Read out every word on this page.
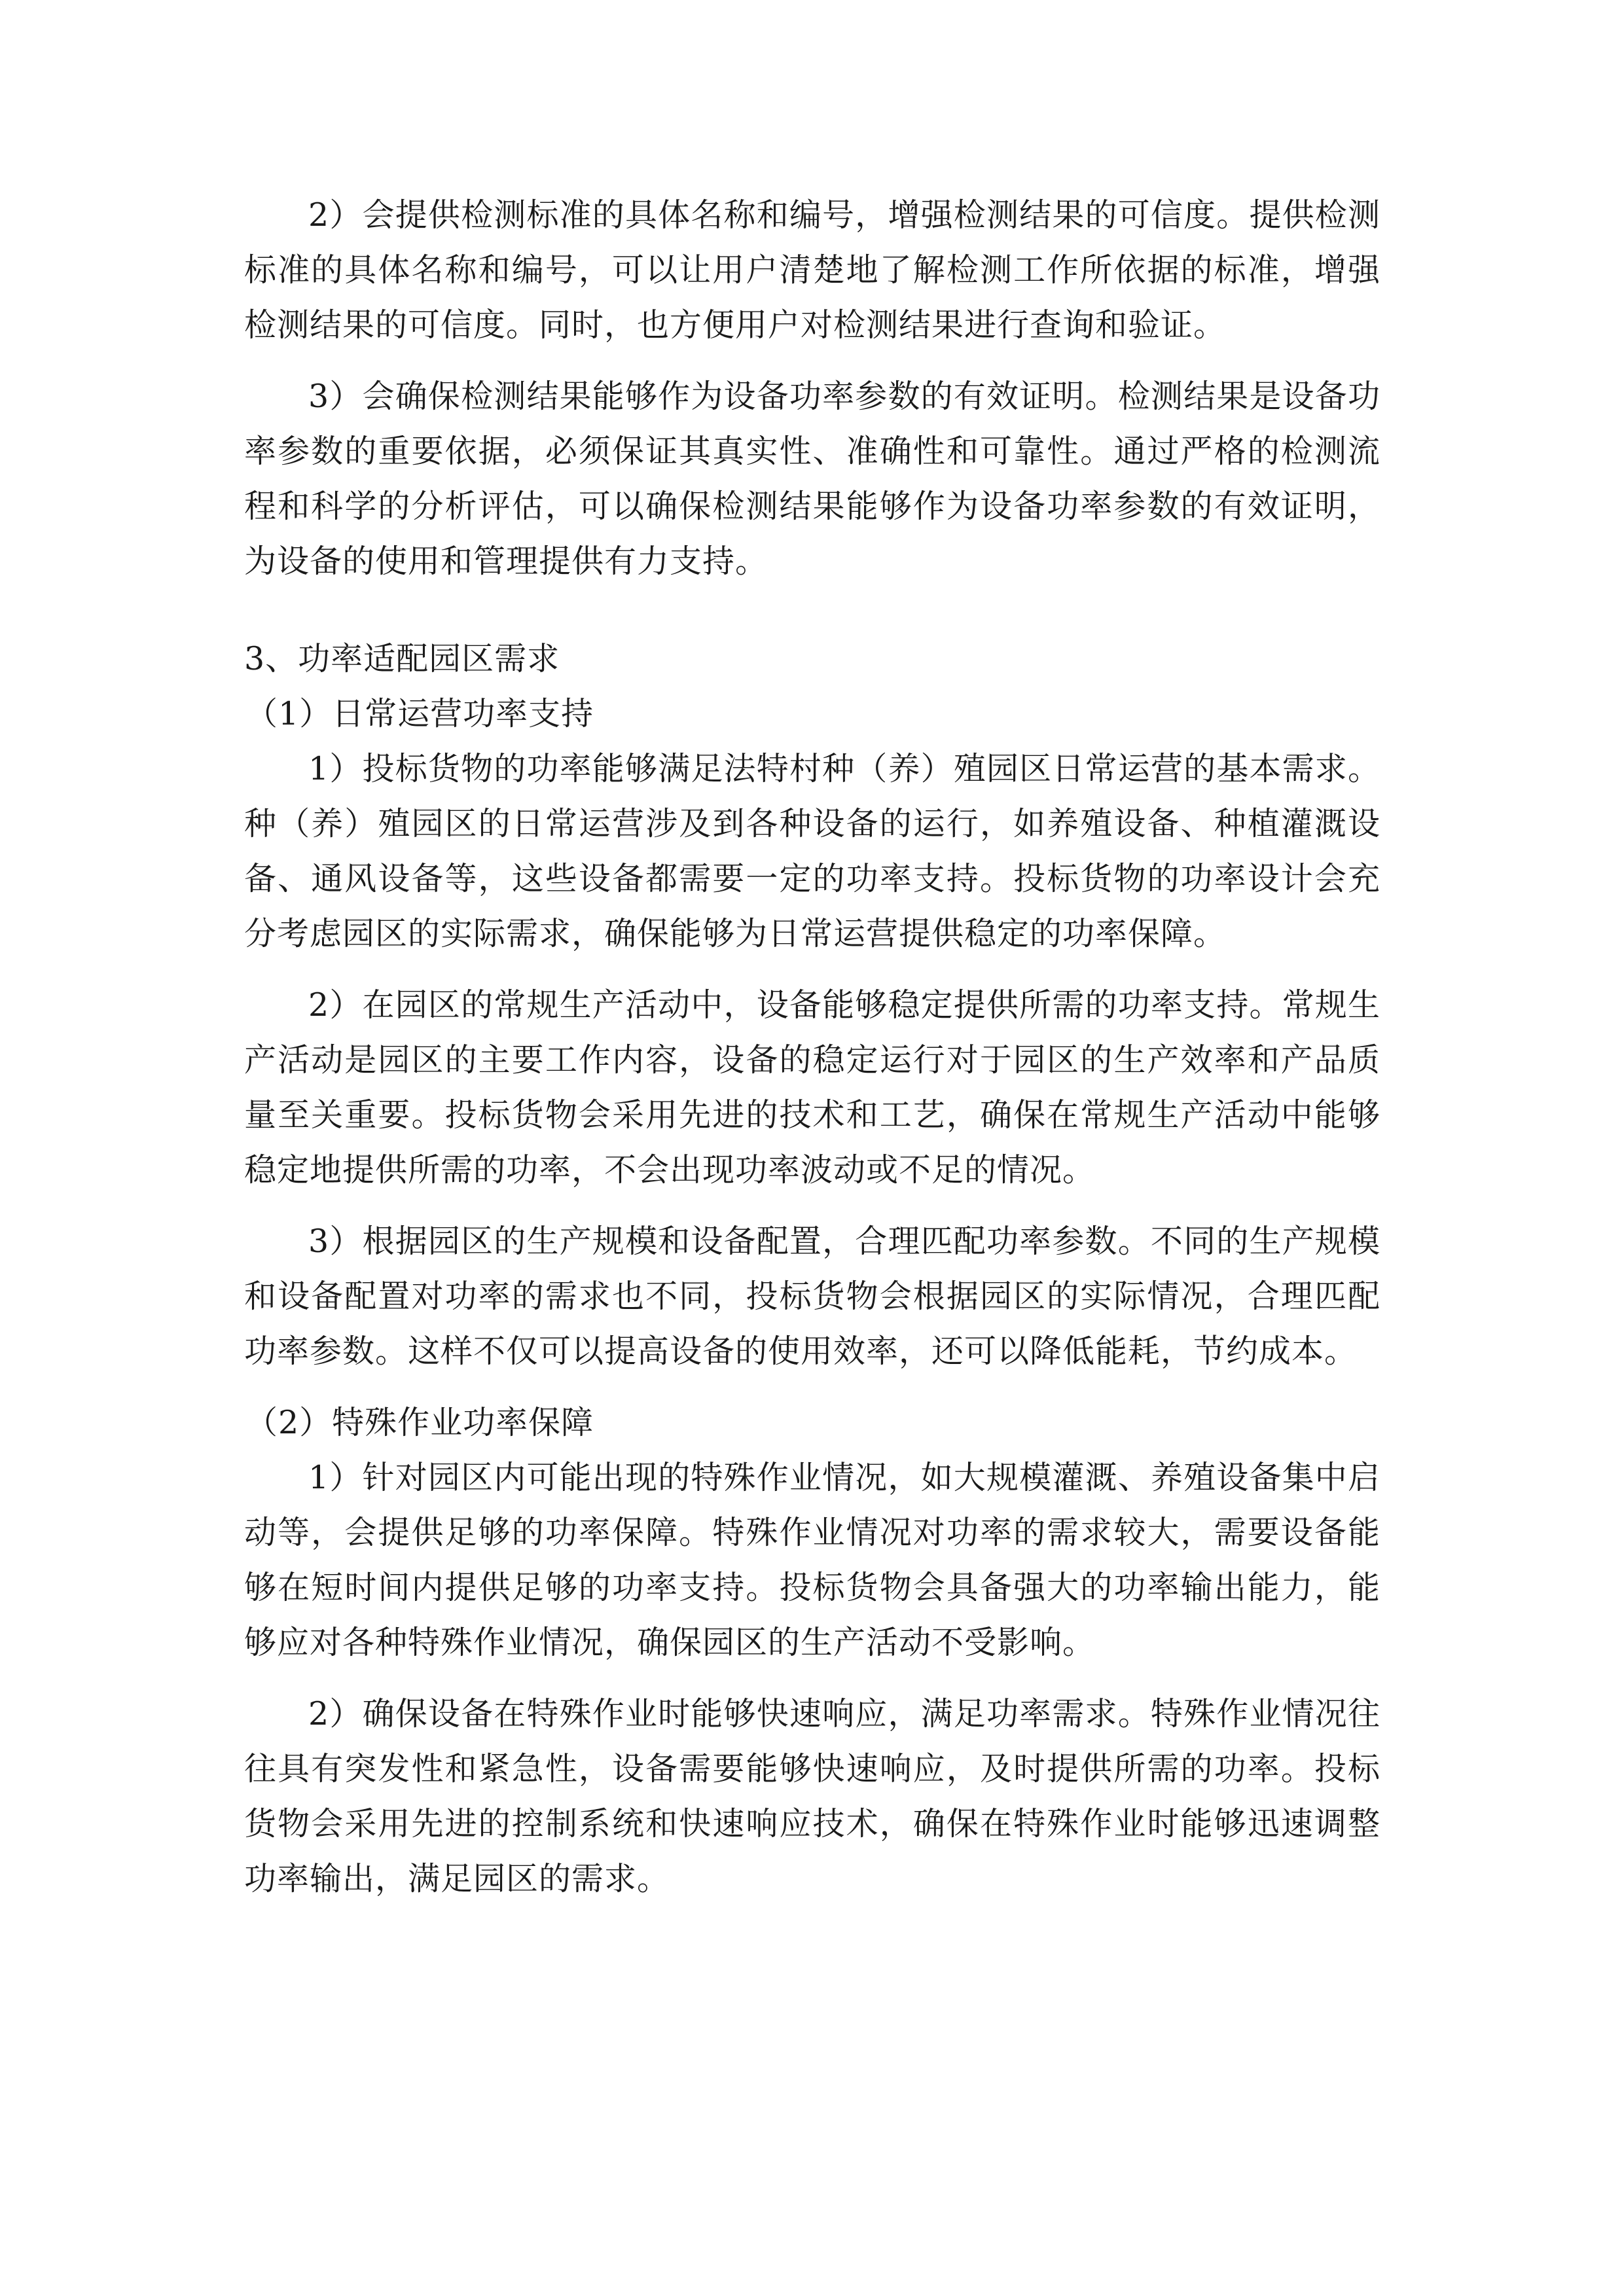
2）会提供检测标准的具体名称和编号，增强检测结果的可信度。提供检测标准的具体名称和编号，可以让用户清楚地了解检测工作所依据的标准，增强检测结果的可信度。同时，也方便用户对检测结果进行查询和验证。

3）会确保检测结果能够作为设备功率参数的有效证明。检测结果是设备功率参数的重要依据，必须保证其真实性、准确性和可靠性。通过严格的检测流程和科学的分析评估，可以确保检测结果能够作为设备功率参数的有效证明，为设备的使用和管理提供有力支持。

3、功率适配园区需求

（1）日常运营功率支持

1）投标货物的功率能够满足法特村种（养）殖园区日常运营的基本需求。种（养）殖园区的日常运营涉及到各种设备的运行，如养殖设备、种植灌溉设备、通风设备等，这些设备都需要一定的功率支持。投标货物的功率设计会充分考虑园区的实际需求，确保能够为日常运营提供稳定的功率保障。

2）在园区的常规生产活动中，设备能够稳定提供所需的功率支持。常规生产活动是园区的主要工作内容，设备的稳定运行对于园区的生产效率和产品质量至关重要。投标货物会采用先进的技术和工艺，确保在常规生产活动中能够稳定地提供所需的功率，不会出现功率波动或不足的情况。

3）根据园区的生产规模和设备配置，合理匹配功率参数。不同的生产规模和设备配置对功率的需求也不同，投标货物会根据园区的实际情况，合理匹配功率参数。这样不仅可以提高设备的使用效率，还可以降低能耗，节约成本。

（2）特殊作业功率保障

1）针对园区内可能出现的特殊作业情况，如大规模灌溉、养殖设备集中启动等，会提供足够的功率保障。特殊作业情况对功率的需求较大，需要设备能够在短时间内提供足够的功率支持。投标货物会具备强大的功率输出能力，能够应对各种特殊作业情况，确保园区的生产活动不受影响。

2）确保设备在特殊作业时能够快速响应，满足功率需求。特殊作业情况往往具有突发性和紧急性，设备需要能够快速响应，及时提供所需的功率。投标货物会采用先进的控制系统和快速响应技术，确保在特殊作业时能够迅速调整功率输出，满足园区的需求。
